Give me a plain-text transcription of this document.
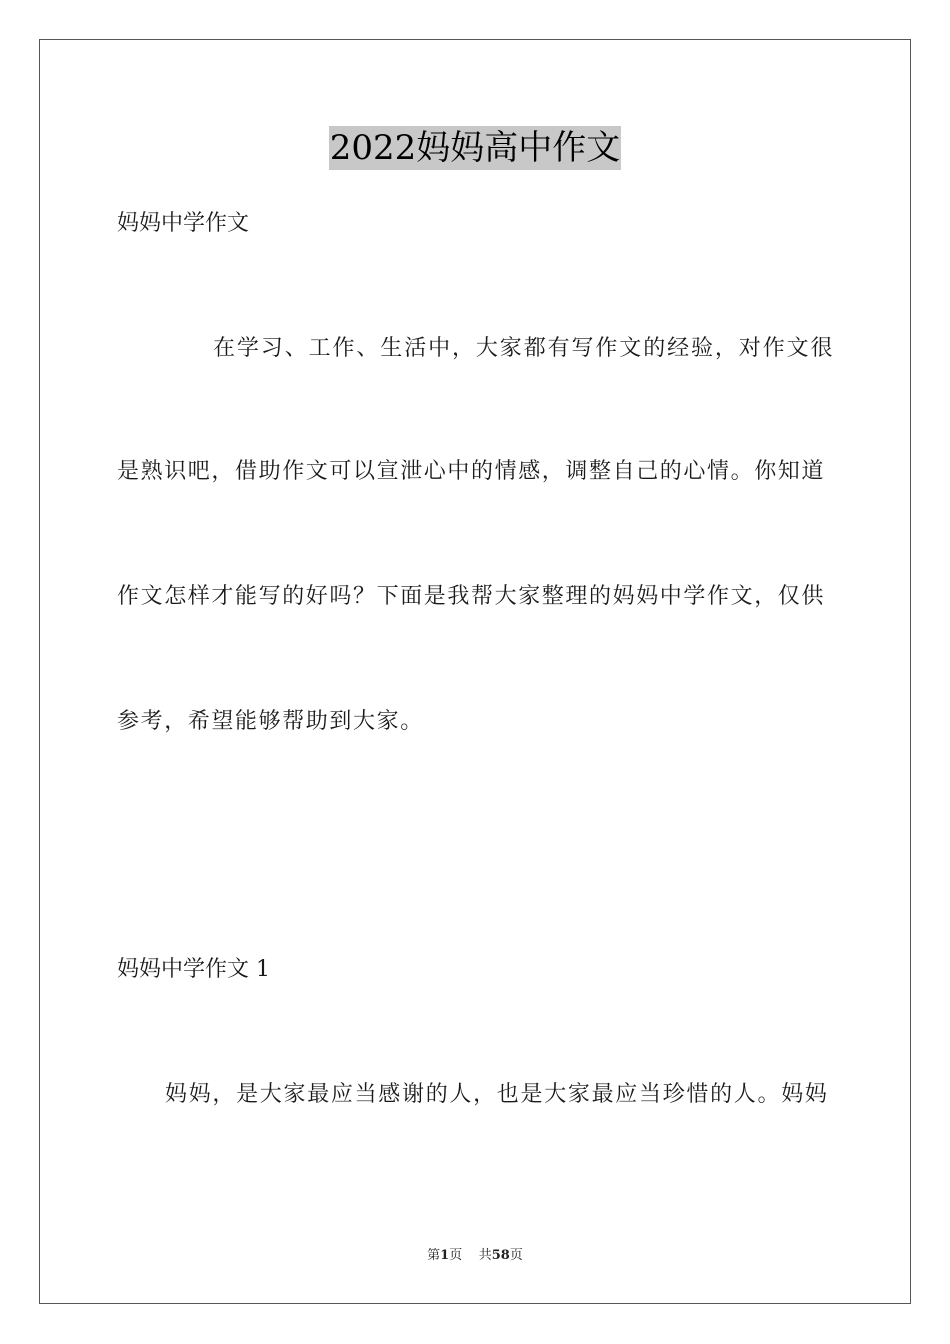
2022妈妈高中作文
妈妈中学作文
在学习、工作、生活中，大家都有写作文的经验，对作文很
是熟识吧，借助作文可以宣泄心中的情感，调整自己的心情。你知道
作文怎样才能写的好吗？下面是我帮大家整理的妈妈中学作文，仅供
参考，希望能够帮助到大家。
妈妈中学作文 1
妈妈，是大家最应当感谢的人，也是大家最应当珍惜的人。妈妈
第1页 共58页
